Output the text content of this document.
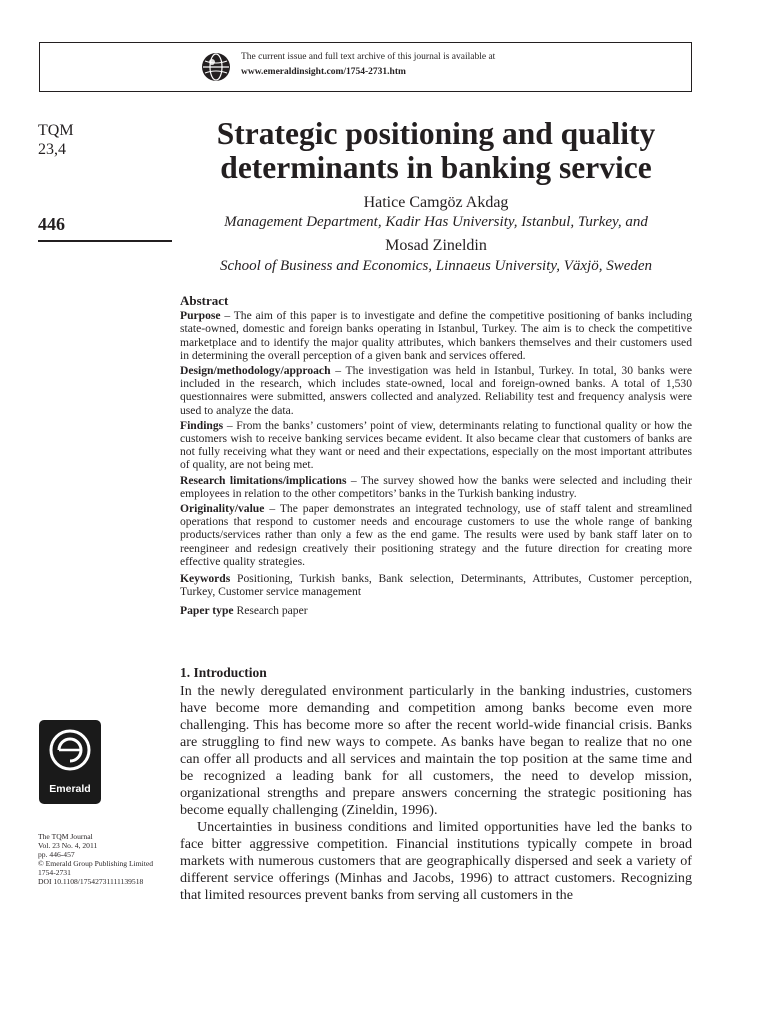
The current issue and full text archive of this journal is available at
www.emeraldinsight.com/1754-2731.htm
TQM
23,4
446
Strategic positioning and quality
determinants in banking service
Hatice Camgöz Akdag
Management Department, Kadir Has University, Istanbul, Turkey, and
Mosad Zineldin
School of Business and Economics, Linnaeus University, Växjö, Sweden
Abstract

Purpose – The aim of this paper is to investigate and define the competitive positioning of banks including state-owned, domestic and foreign banks operating in Istanbul, Turkey. The aim is to check the competitive marketplace and to identify the major quality attributes, which bankers themselves and their customers used in determining the overall perception of a given bank and services offered.

Design/methodology/approach – The investigation was held in Istanbul, Turkey. In total, 30 banks were included in the research, which includes state-owned, local and foreign-owned banks. A total of 1,530 questionnaires were submitted, answers collected and analyzed. Reliability test and frequency analysis were used to analyze the data.

Findings – From the banks’ customers’ point of view, determinants relating to functional quality or how the customers wish to receive banking services became evident. It also became clear that customers of banks are not fully receiving what they want or need and their expectations, especially on the most important attributes of quality, are not being met.

Research limitations/implications – The survey showed how the banks were selected and including their employees in relation to the other competitors’ banks in the Turkish banking industry.

Originality/value – The paper demonstrates an integrated technology, use of staff talent and streamlined operations that respond to customer needs and encourage customers to use the whole range of banking products/services rather than only a few as the end game. The results were used by bank staff later on to reengineer and redesign creatively their positioning strategy and the future direction for creating more effective quality strategies.

Keywords Positioning, Turkish banks, Bank selection, Determinants, Attributes, Customer perception, Turkey, Customer service management

Paper type Research paper

1. Introduction

In the newly deregulated environment particularly in the banking industries, customers have become more demanding and competition among banks become even more challenging. This has become more so after the recent world-wide financial crisis. Banks are struggling to find new ways to compete. As banks have began to realize that no one can offer all products and all services and maintain the top position at the same time and be recognized a leading bank for all customers, the need to develop mission, organizational strengths and prepare answers concerning the strategic positioning has become equally challenging (Zineldin, 1996).

Uncertainties in business conditions and limited opportunities have led the banks to face bitter aggressive competition. Financial institutions typically compete in broad markets with numerous customers that are geographically dispersed and seek a variety of different service offerings (Minhas and Jacobs, 1996) to attract customers. Recognizing that limited resources prevent banks from serving all customers in the

Emerald
The TQM Journal
Vol. 23 No. 4, 2011
pp. 446-457
© Emerald Group Publishing Limited
1754-2731
DOI 10.1108/17542731111139518
